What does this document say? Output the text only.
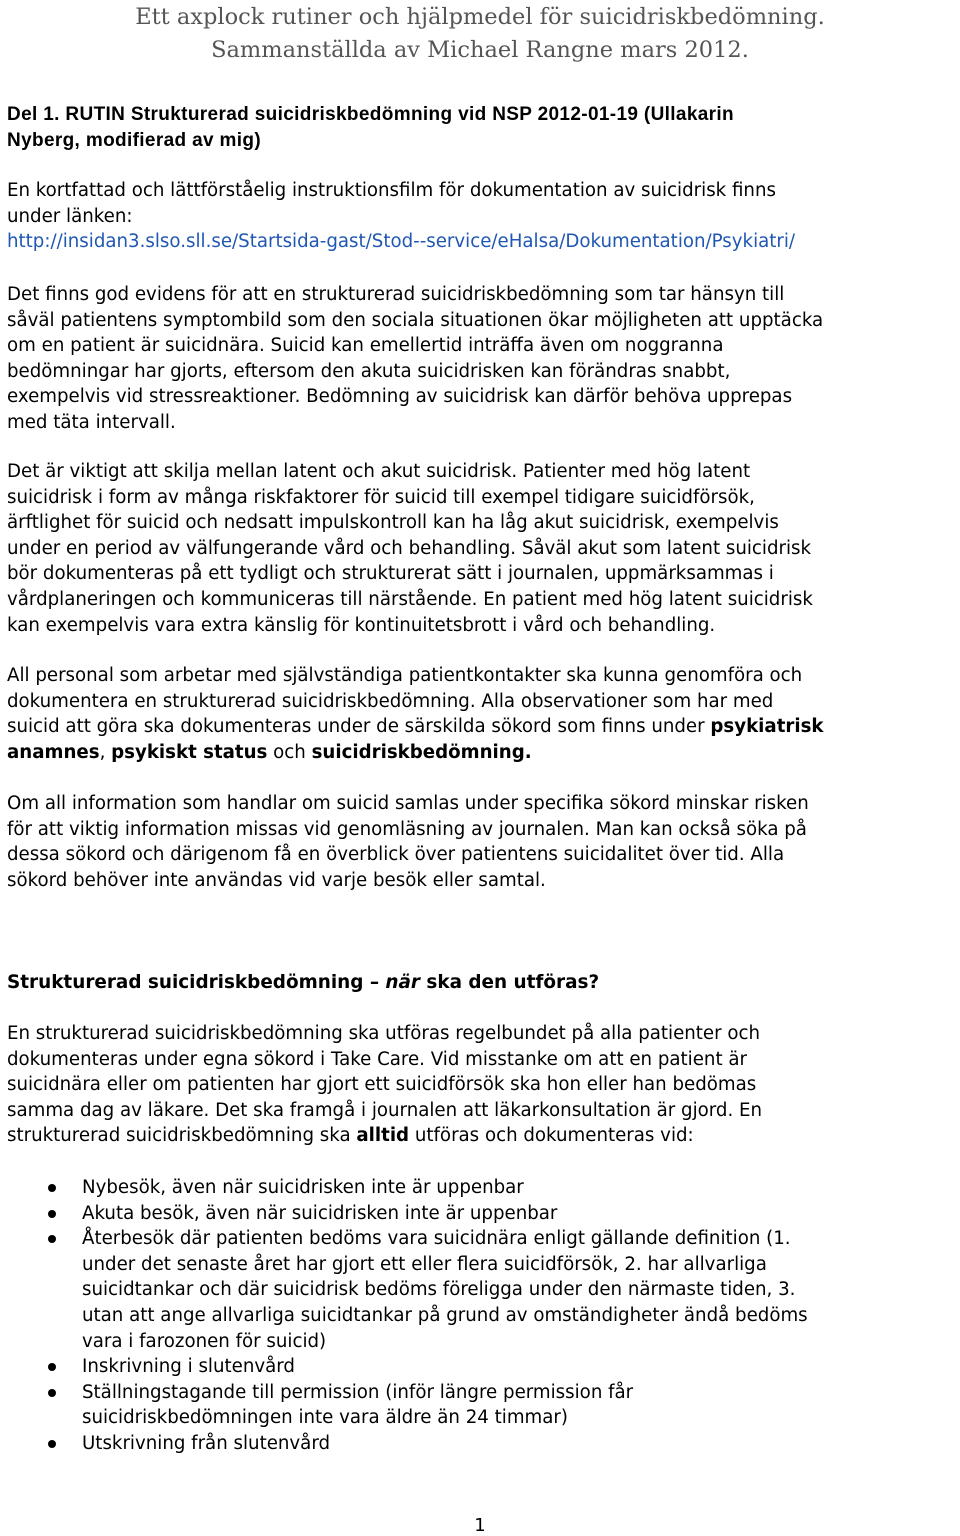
Ett axplock rutiner och hjälpmedel för suicidriskbedömning.
Sammanställda av Michael Rangne mars 2012.
Del 1. RUTIN Strukturerad suicidriskbedömning vid NSP 2012-01-19 (Ullakarin
Nyberg, modifierad av mig)
En kortfattad och lättförståelig instruktionsfilm för dokumentation av suicidrisk finns
under länken:
http://insidan3.slso.sll.se/Startsida-gast/Stod--service/eHalsa/Dokumentation/Psykiatri/
Det finns god evidens för att en strukturerad suicidriskbedömning som tar hänsyn till
såväl patientens symptombild som den sociala situationen ökar möjligheten att upptäcka
om en patient är suicidnära. Suicid kan emellertid inträffa även om noggranna
bedömningar har gjorts, eftersom den akuta suicidrisken kan förändras snabbt,
exempelvis vid stressreaktioner. Bedömning av suicidrisk kan därför behöva upprepas
med täta intervall.
Det är viktigt att skilja mellan latent och akut suicidrisk. Patienter med hög latent
suicidrisk i form av många riskfaktorer för suicid till exempel tidigare suicidförsök,
ärftlighet för suicid och nedsatt impulskontroll kan ha låg akut suicidrisk, exempelvis
under en period av välfungerande vård och behandling. Såväl akut som latent suicidrisk
bör dokumenteras på ett tydligt och strukturerat sätt i journalen, uppmärksammas i
vårdplaneringen och kommuniceras till närstående. En patient med hög latent suicidrisk
kan exempelvis vara extra känslig för kontinuitetsbrott i vård och behandling.
All personal som arbetar med självständiga patientkontakter ska kunna genomföra och
dokumentera en strukturerad suicidriskbedömning. Alla observationer som har med
suicid att göra ska dokumenteras under de särskilda sökord som finns under psykiatrisk
anamnes, psykiskt status och suicidriskbedömning.
Om all information som handlar om suicid samlas under specifika sökord minskar risken
för att viktig information missas vid genomläsning av journalen. Man kan också söka på
dessa sökord och därigenom få en överblick över patientens suicidalitet över tid. Alla
sökord behöver inte användas vid varje besök eller samtal.
Strukturerad suicidriskbedömning – när ska den utföras?
En strukturerad suicidriskbedömning ska utföras regelbundet på alla patienter och
dokumenteras under egna sökord i Take Care. Vid misstanke om att en patient är
suicidnära eller om patienten har gjort ett suicidförsök ska hon eller han bedömas
samma dag av läkare. Det ska framgå i journalen att läkarkonsultation är gjord. En
strukturerad suicidriskbedömning ska alltid utföras och dokumenteras vid:
Nybesök, även när suicidrisken inte är uppenbar
Akuta besök, även när suicidrisken inte är uppenbar
Återbesök där patienten bedöms vara suicidnära enligt gällande definition (1.
under det senaste året har gjort ett eller flera suicidförsök, 2. har allvarliga
suicidtankar och där suicidrisk bedöms föreligga under den närmaste tiden, 3.
utan att ange allvarliga suicidtankar på grund av omständigheter ändå bedöms
vara i farozonen för suicid)
Inskrivning i slutenvård
Ställningstagande till permission (inför längre permission får
suicidriskbedömningen inte vara äldre än 24 timmar)
Utskrivning från slutenvård
1
